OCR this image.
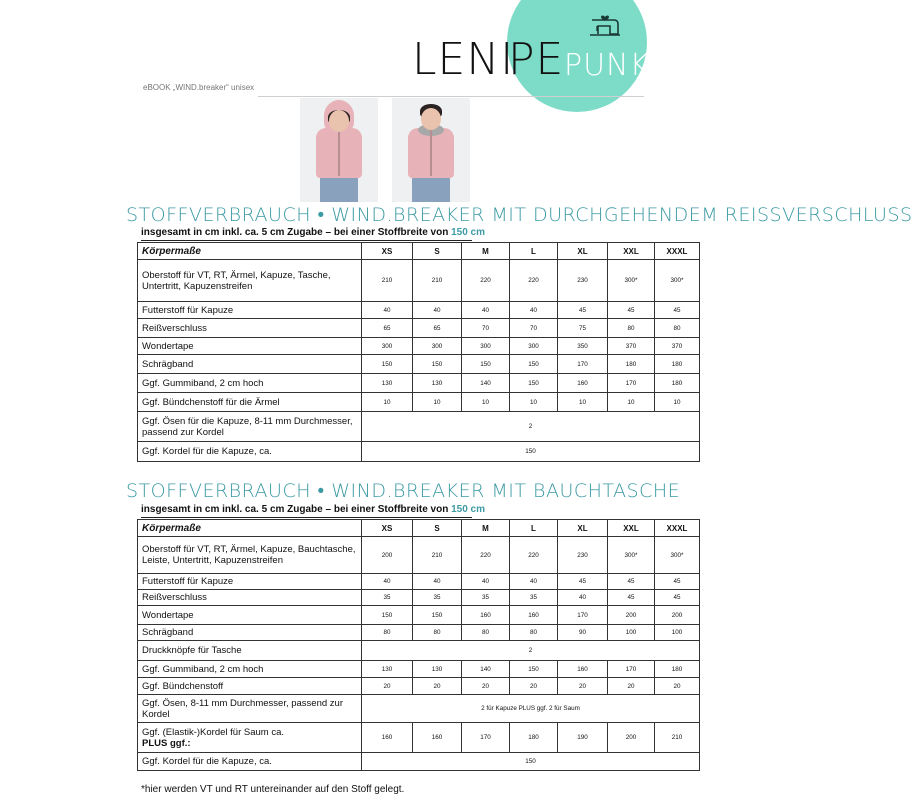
LENI
PE PUNKT.
eBOOK „WIND.breaker“ unisex
STOFFVERBRAUCH • WIND.BREAKER MIT DURCHGEHENDEM REISSVERSCHLUSS
insgesamt in cm inkl. ca. 5 cm Zugabe – bei einer Stoffbreite von 150 cm
Körpermaße	XS	S	M	L	XL	XXL	XXXL
Oberstoff für VT, RT, Ärmel, Kapuze, Tasche, Untertritt, Kapuzenstreifen	210	210	220	220	230	300*	300*
Futterstoff für Kapuze	40	40	40	40	45	45	45
Reißverschluss	65	65	70	70	75	80	80
Wondertape	300	300	300	300	350	370	370
Schrägband	150	150	150	150	170	180	180
Ggf. Gummiband, 2 cm hoch	130	130	140	150	160	170	180
Ggf. Bündchenstoff für die Ärmel	10	10	10	10	10	10	10
Ggf. Ösen für die Kapuze, 8-11 mm Durchmesser, passend zur Kordel	2						
Ggf. Kordel für die Kapuze, ca.	150						
STOFFVERBRAUCH • WIND.BREAKER MIT BAUCHTASCHE
insgesamt in cm inkl. ca. 5 cm Zugabe – bei einer Stoffbreite von 150 cm
Körpermaße	XS	S	M	L	XL	XXL	XXXL
Oberstoff für VT, RT, Ärmel, Kapuze, Bauchtasche, Leiste, Untertritt, Kapuzenstreifen	200	210	220	220	230	300*	300*
Futterstoff für Kapuze	40	40	40	40	45	45	45
Reißverschluss	35	35	35	35	40	45	45
Wondertape	150	150	160	160	170	200	200
Schrägband	80	80	80	80	90	100	100
Druckknöpfe für Tasche	2						
Ggf. Gummiband, 2 cm hoch	130	130	140	150	160	170	180
Ggf. Bündchenstoff	20	20	20	20	20	20	20
Ggf. Ösen, 8-11 mm Durchmesser, passend zur Kordel	2 für Kapuze PLUS ggf. 2 für Saum						
Ggf. (Elastik-)Kordel für Saum ca.
PLUS ggf.:	160	160	170	180	190	200	210
Ggf. Kordel für die Kapuze, ca.	150						
*hier werden VT und RT untereinander auf den Stoff gelegt.
